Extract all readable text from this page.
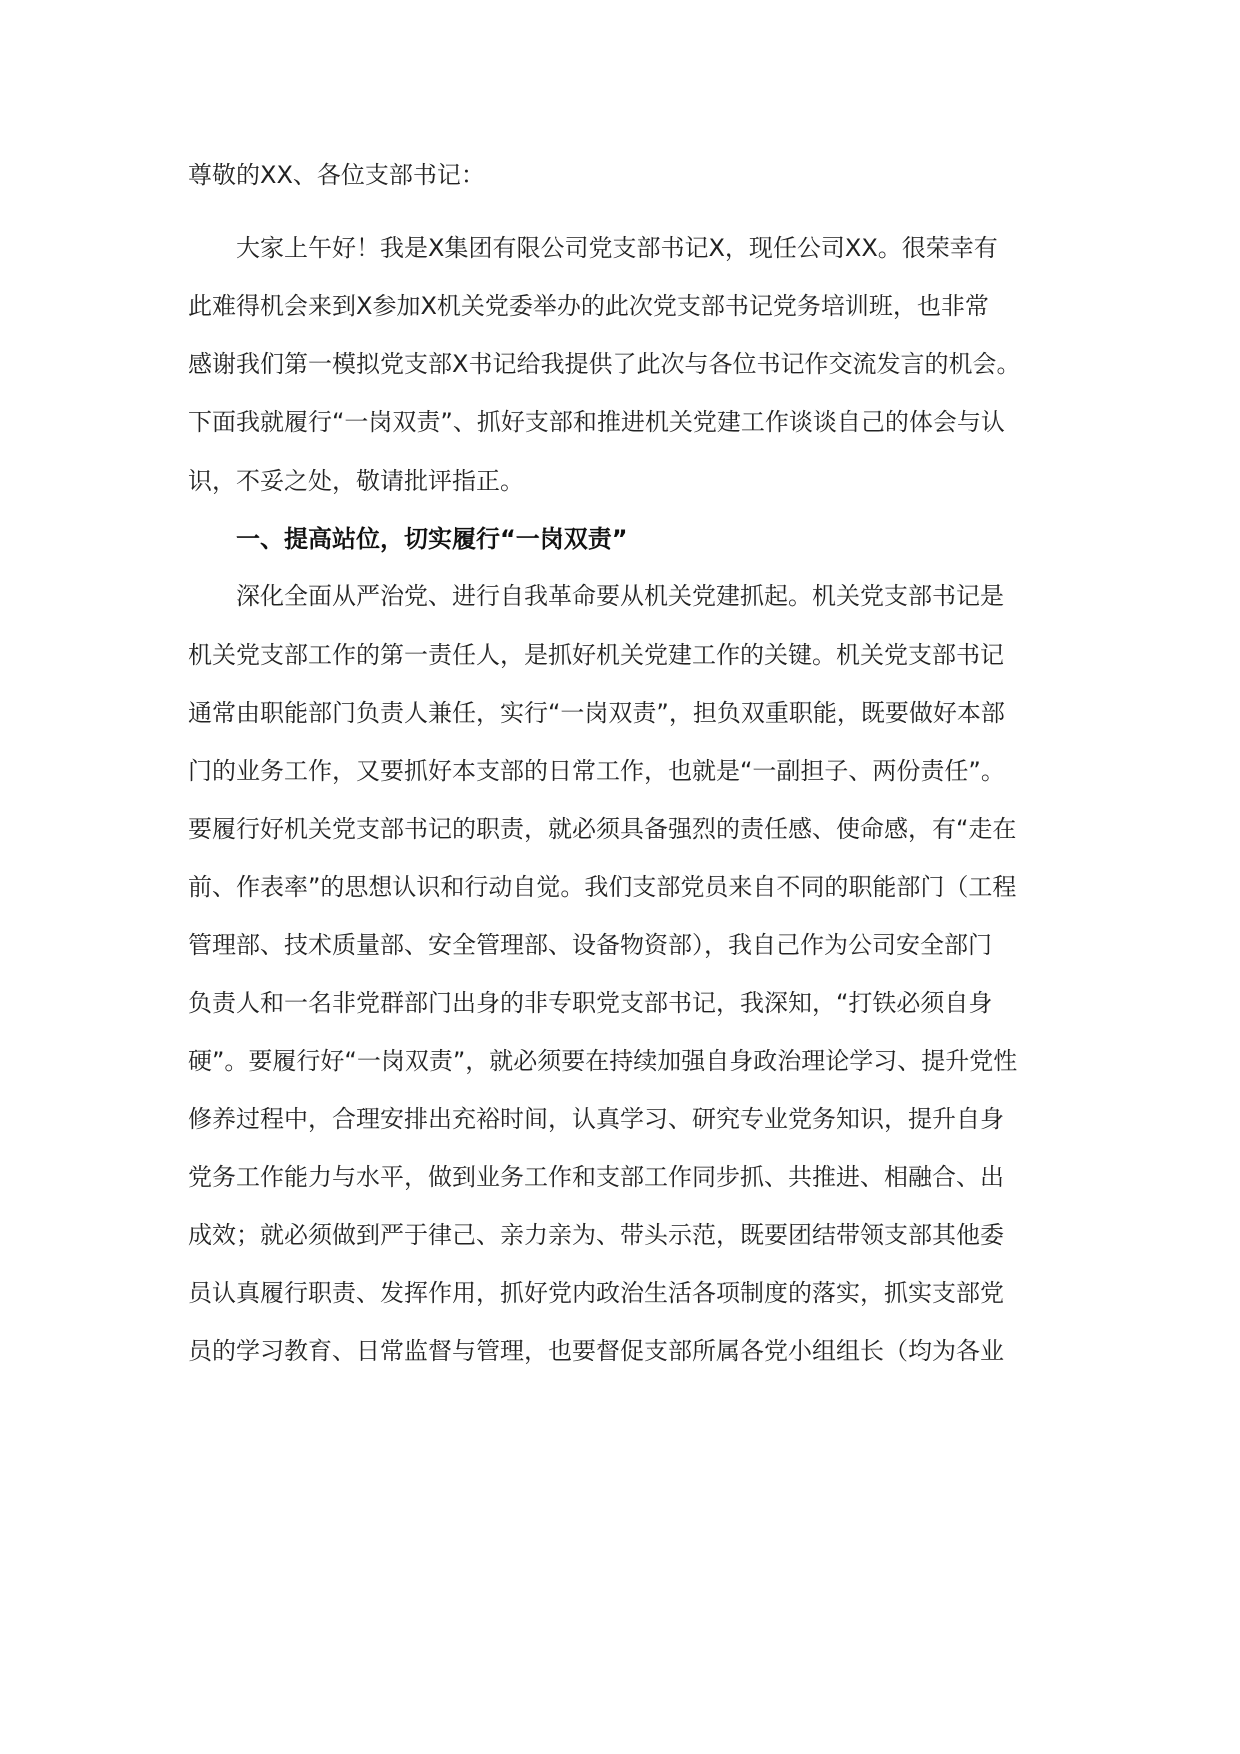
尊敬的XX、各位支部书记：
大家上午好！我是X集团有限公司党支部书记X，现任公司XX。很荣幸有
此难得机会来到X参加X机关党委举办的此次党支部书记党务培训班，也非常
感谢我们第一模拟党支部X书记给我提供了此次与各位书记作交流发言的机会。
下面我就履行“一岗双责”、抓好支部和推进机关党建工作谈谈自己的体会与认
识，不妥之处，敬请批评指正。
一、提高站位，切实履行“一岗双责”
深化全面从严治党、进行自我革命要从机关党建抓起。机关党支部书记是
机关党支部工作的第一责任人，是抓好机关党建工作的关键。机关党支部书记
通常由职能部门负责人兼任，实行“一岗双责”，担负双重职能，既要做好本部
门的业务工作，又要抓好本支部的日常工作，也就是“一副担子、两份责任”。
要履行好机关党支部书记的职责，就必须具备强烈的责任感、使命感，有“走在
前、作表率”的思想认识和行动自觉。我们支部党员来自不同的职能部门（工程
管理部、技术质量部、安全管理部、设备物资部），我自己作为公司安全部门
负责人和一名非党群部门出身的非专职党支部书记，我深知，“打铁必须自身
硬”。要履行好“一岗双责”，就必须要在持续加强自身政治理论学习、提升党性
修养过程中，合理安排出充裕时间，认真学习、研究专业党务知识，提升自身
党务工作能力与水平，做到业务工作和支部工作同步抓、共推进、相融合、出
成效；就必须做到严于律己、亲力亲为、带头示范，既要团结带领支部其他委
员认真履行职责、发挥作用，抓好党内政治生活各项制度的落实，抓实支部党
员的学习教育、日常监督与管理，也要督促支部所属各党小组组长（均为各业
